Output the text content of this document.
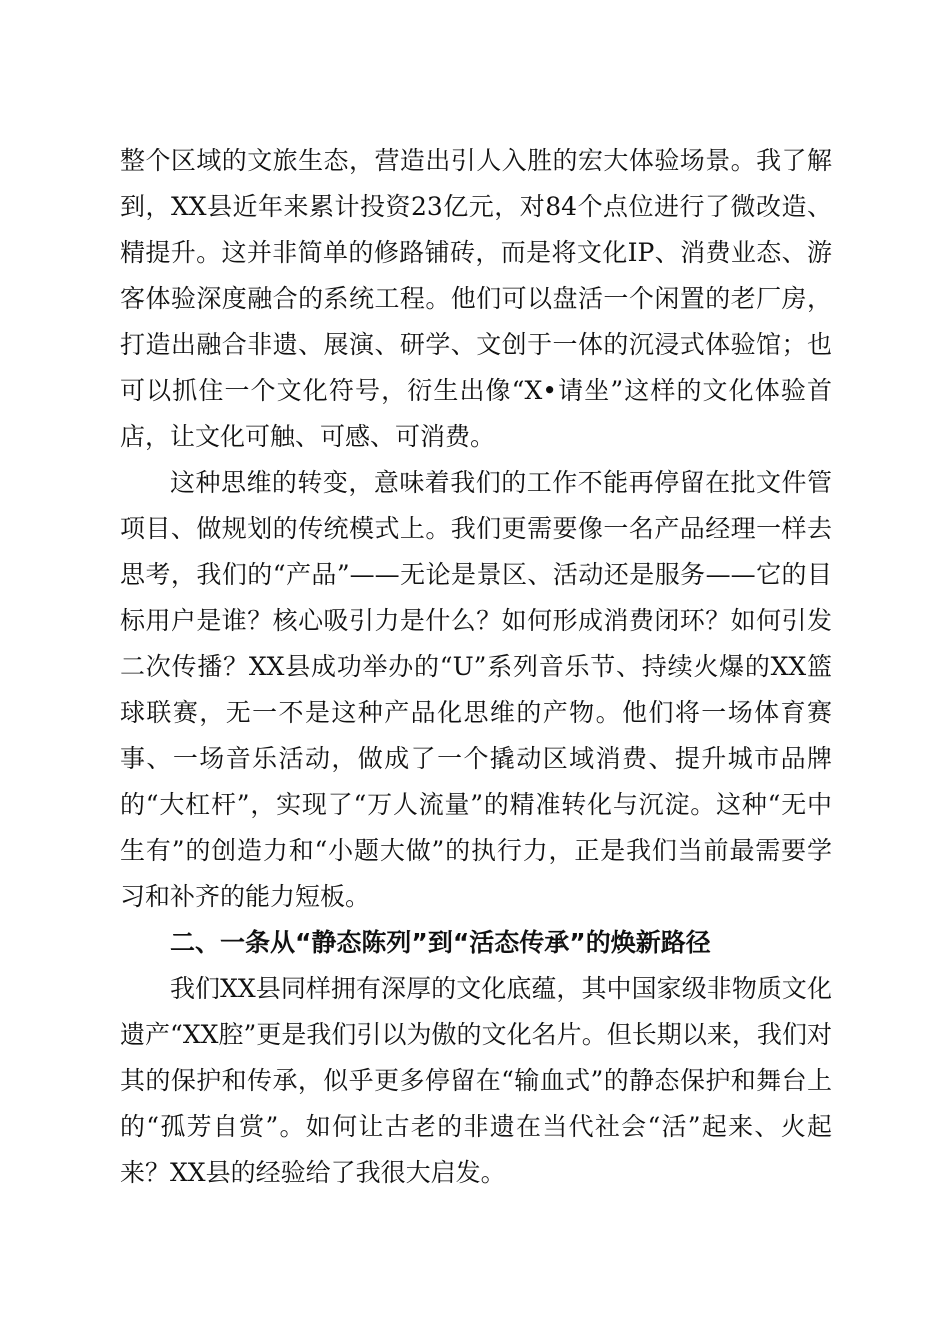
整个区域的文旅生态，营造出引人入胜的宏大体验场景。我了解到，XX县近年来累计投资23亿元，对84个点位进行了微改造、精提升。这并非简单的修路铺砖，而是将文化IP、消费业态、游客体验深度融合的系统工程。他们可以盘活一个闲置的老厂房，打造出融合非遗、展演、研学、文创于一体的沉浸式体验馆；也可以抓住一个文化符号，衍生出像“X•请坐”这样的文化体验首店，让文化可触、可感、可消费。

这种思维的转变，意味着我们的工作不能再停留在批文件管项目、做规划的传统模式上。我们更需要像一名产品经理一样去思考，我们的“产品”——无论是景区、活动还是服务——它的目标用户是谁？核心吸引力是什么？如何形成消费闭环？如何引发二次传播？XX县成功举办的“U”系列音乐节、持续火爆的XX篮球联赛，无一不是这种产品化思维的产物。他们将一场体育赛事、一场音乐活动，做成了一个撬动区域消费、提升城市品牌的“大杠杆”，实现了“万人流量”的精准转化与沉淀。这种“无中生有”的创造力和“小题大做”的执行力，正是我们当前最需要学习和补齐的能力短板。

二、一条从“静态陈列”到“活态传承”的焕新路径

我们XX县同样拥有深厚的文化底蕴，其中国家级非物质文化遗产“XX腔”更是我们引以为傲的文化名片。但长期以来，我们对其的保护和传承，似乎更多停留在“输血式”的静态保护和舞台上的“孤芳自赏”。如何让古老的非遗在当代社会“活”起来、火起来？XX县的经验给了我很大启发。
